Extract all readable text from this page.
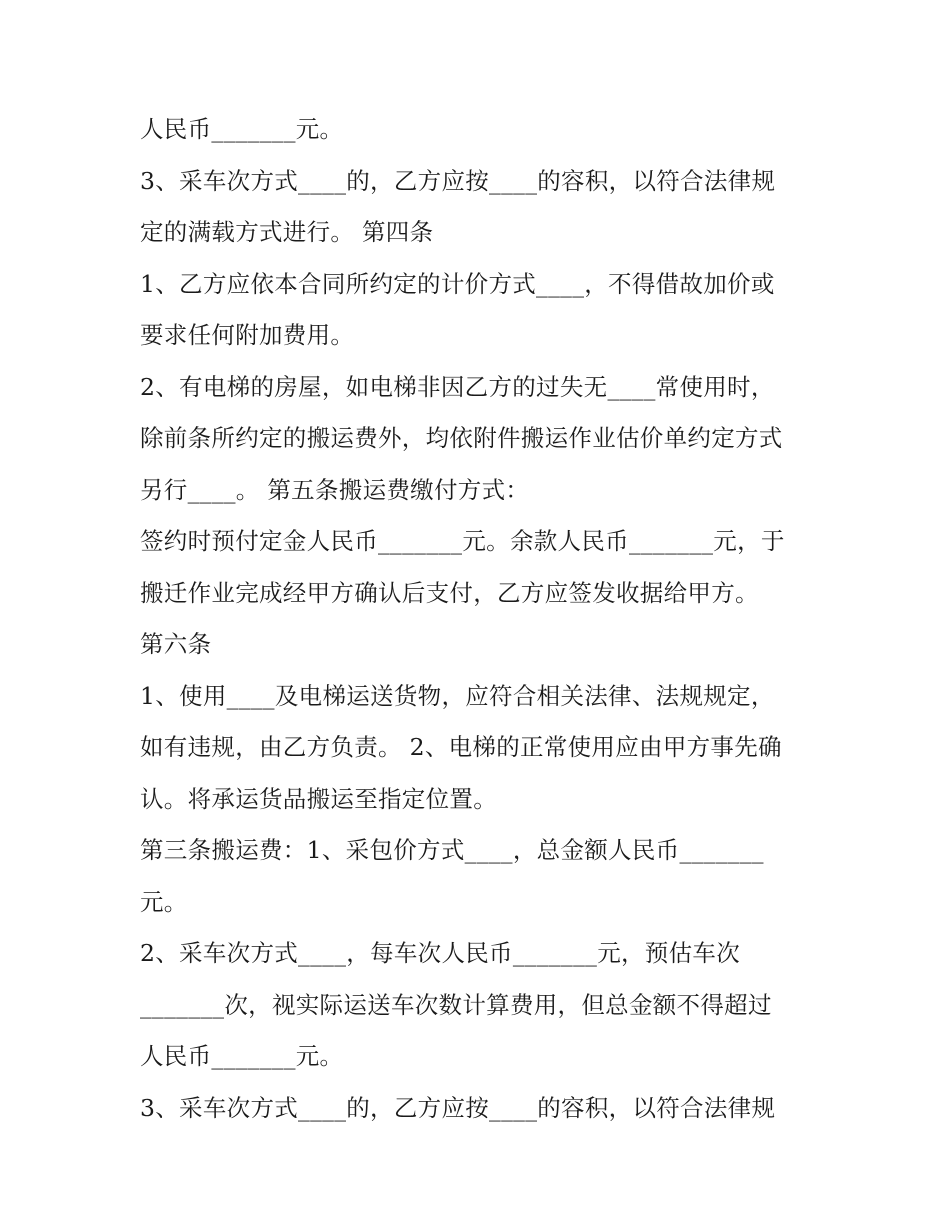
人民币_______元。
3、采车次方式____的，乙方应按____的容积，以符合法律规
定的满载方式进行。 第四条
1、乙方应依本合同所约定的计价方式____，不得借故加价或
要求任何附加费用。
2、有电梯的房屋，如电梯非因乙方的过失无____常使用时，
除前条所约定的搬运费外，均依附件搬运作业估价单约定方式
另行____。 第五条搬运费缴付方式：
签约时预付定金人民币_______元。余款人民币_______元，于
搬迁作业完成经甲方确认后支付，乙方应签发收据给甲方。
第六条
1、使用____及电梯运送货物，应符合相关法律、法规规定，
如有违规，由乙方负责。 2、电梯的正常使用应由甲方事先确
认。将承运货品搬运至指定位置。
第三条搬运费：1、采包价方式____，总金额人民币_______
元。
2、采车次方式____，每车次人民币_______元，预估车次
_______次，视实际运送车次数计算费用，但总金额不得超过
人民币_______元。
3、采车次方式____的，乙方应按____的容积，以符合法律规
